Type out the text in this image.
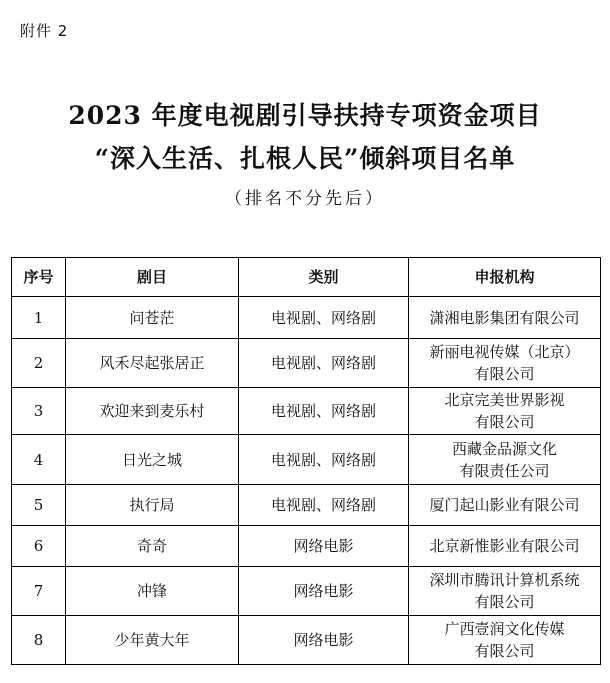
附件 2
2023 年度电视剧引导扶持专项资金项目
“深入生活、扎根人民”倾斜项目名单
（排名不分先后）
序号	剧目	类别	申报机构
1	问苍茫	电视剧、网络剧	潇湘电影集团有限公司

2	风禾尽起张居正	电视剧、网络剧	新丽电视传媒（北京）
有限公司

3	欢迎来到麦乐村	电视剧、网络剧	北京完美世界影视
有限公司

4	日光之城	电视剧、网络剧	西藏金品源文化
有限责任公司

5	执行局	电视剧、网络剧	厦门起山影业有限公司

6	奇奇	网络电影	北京新惟影业有限公司

7	冲锋	网络电影	深圳市腾讯计算机系统
有限公司

8	少年黄大年	网络电影	广西壹润文化传媒
有限公司
